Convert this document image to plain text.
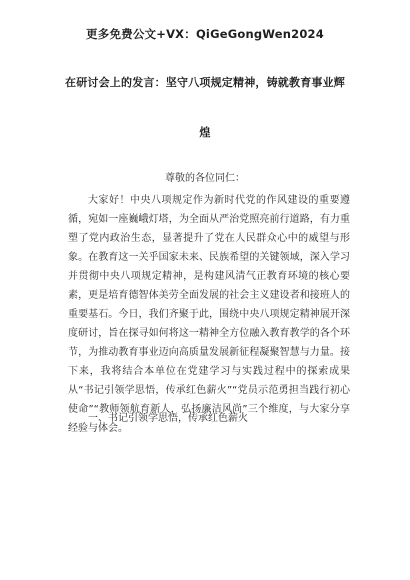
更多免费公文+VX：QiGeGongWen2024
在研讨会上的发言：坚守八项规定精神，铸就教育事业辉
煌
尊敬的各位同仁：

大家好！中央八项规定作为新时代党的作风建设的重要遵循，宛如一座巍峨灯塔，为全面从严治党照亮前行道路，有力重塑了党内政治生态，显著提升了党在人民群众心中的威望与形象。在教育这一关乎国家未来、民族希望的关键领域，深入学习并贯彻中央八项规定精神，是构建风清气正教育环境的核心要素，更是培育德智体美劳全面发展的社会主义建设者和接班人的重要基石。今日，我们齐聚于此，围绕中央八项规定精神展开深度研讨，旨在探寻如何将这一精神全方位融入教育教学的各个环节，为推动教育事业迈向高质量发展新征程凝聚智慧与力量。接下来，我将结合本单位在党建学习与实践过程中的探索成果从“书记引领学思悟，传承红色薪火”“党员示范勇担当践行初心使命”“教师领航育新人，弘扬廉洁风尚”三个维度，与大家分享经验与体会。

一、书记引领学思悟，传承红色薪火
